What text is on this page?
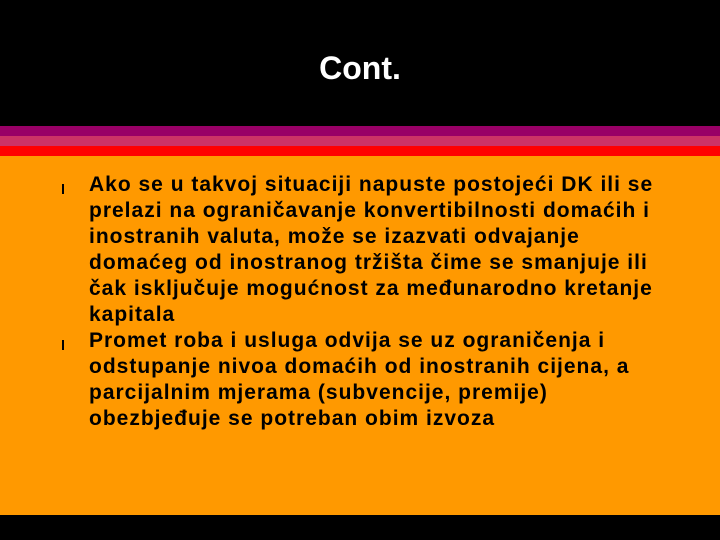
Cont.
Ako se u takvoj situaciji napuste postojeći DK ili se prelazi na ograničavanje konvertibilnosti domaćih i inostranih valuta, može se izazvati odvajanje domaćeg od inostranog tržišta čime se smanjuje ili čak isključuje mogućnost za međunarodno kretanje kapitala
Promet roba i usluga odvija se uz ograničenja i odstupanje nivoa domaćih od inostranih cijena, a parcijalnim mjerama (subvencije, premije) obezbjeđuje se potreban obim izvoza
